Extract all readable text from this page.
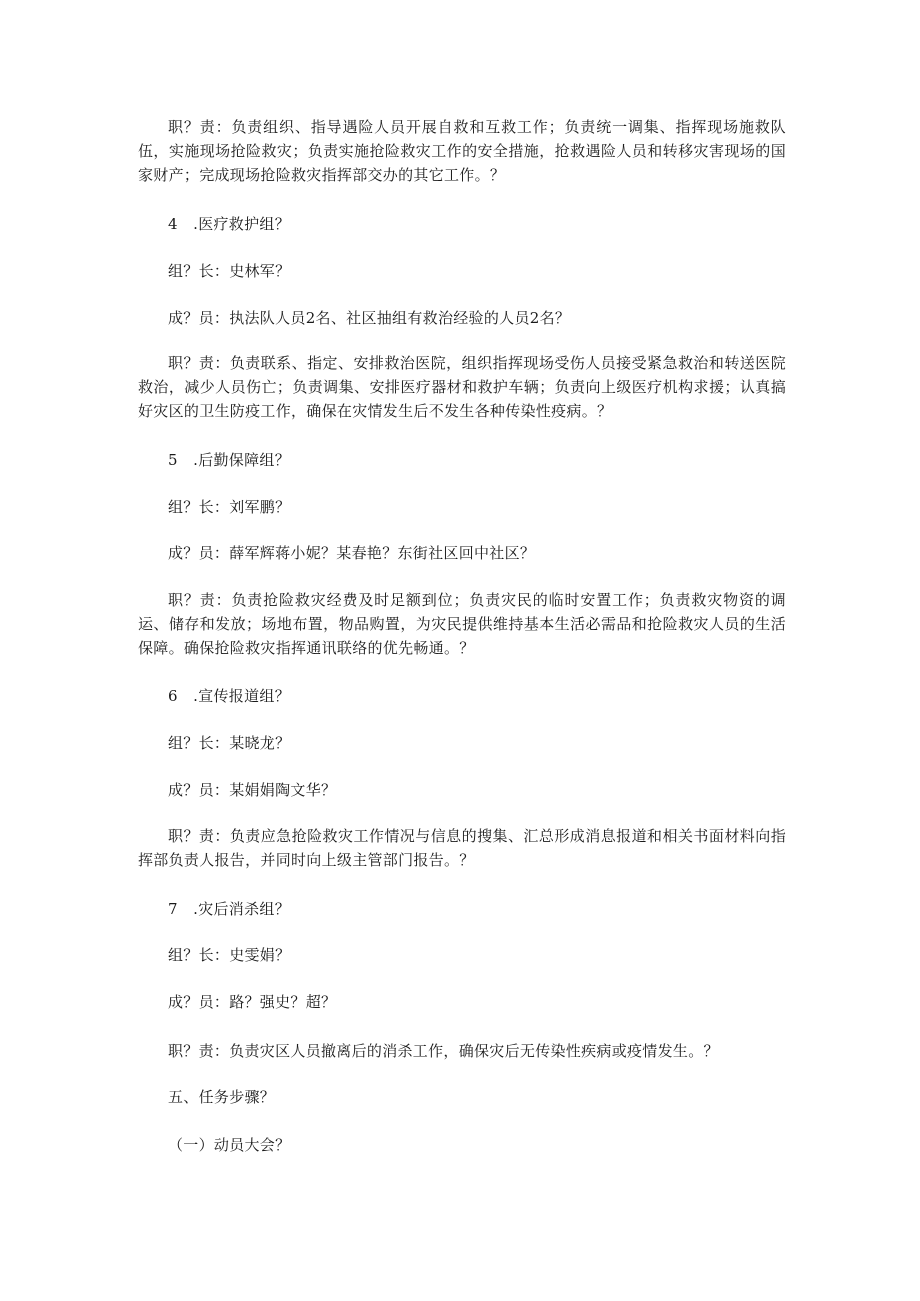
职？责：负责组织、指导遇险人员开展自救和互救工作；负责统一调集、指挥现场施救队伍，实施现场抢险救灾；负责实施抢险救灾工作的安全措施，抢救遇险人员和转移灾害现场的国家财产；完成现场抢险救灾指挥部交办的其它工作。？

4　.医疗救护组？

组？长：史林军？

成？员：执法队人员2名、社区抽组有救治经验的人员2名？

职？责：负责联系、指定、安排救治医院，组织指挥现场受伤人员接受紧急救治和转送医院救治，减少人员伤亡；负责调集、安排医疗器材和救护车辆；负责向上级医疗机构求援；认真搞好灾区的卫生防疫工作，确保在灾情发生后不发生各种传染性疫病。？

5　.后勤保障组？

组？长：刘军鹏？

成？员：薛军辉蒋小妮？某春艳？东街社区回中社区？

职？责：负责抢险救灾经费及时足额到位；负责灾民的临时安置工作；负责救灾物资的调运、储存和发放；场地布置，物品购置，为灾民提供维持基本生活必需品和抢险救灾人员的生活保障。确保抢险救灾指挥通讯联络的优先畅通。？

6　.宣传报道组？

组？长：某晓龙？

成？员：某娟娟陶文华？

职？责：负责应急抢险救灾工作情况与信息的搜集、汇总形成消息报道和相关书面材料向指挥部负责人报告，并同时向上级主管部门报告。？

7　.灾后消杀组？

组？长：史雯娟？

成？员：路？强史？超？

职？责：负责灾区人员撤离后的消杀工作，确保灾后无传染性疾病或疫情发生。？

五、任务步骤？

（一）动员大会？
